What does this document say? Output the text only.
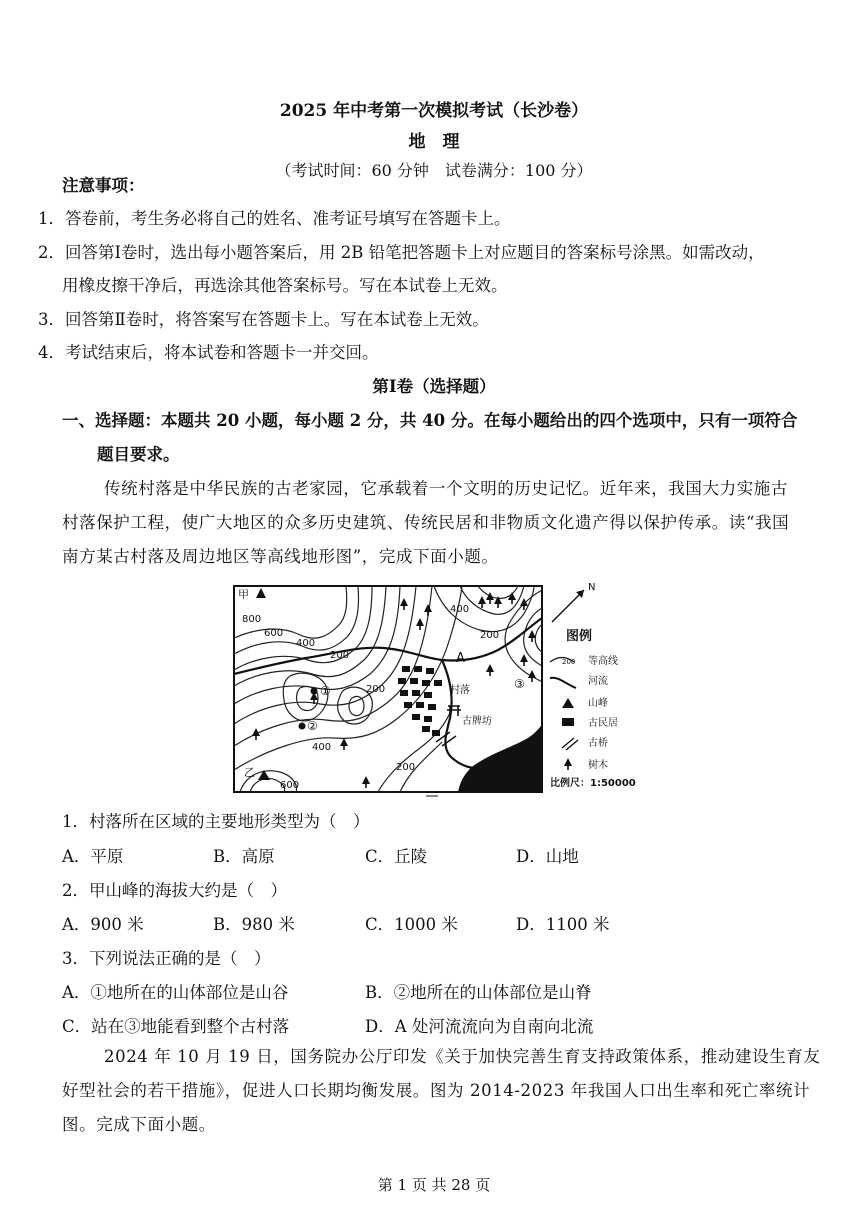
2025 年中考第一次模拟考试（长沙卷）
地　理
（考试时间：60 分钟　试卷满分：100 分）
注意事项：
1．答卷前，考生务必将自己的姓名、准考证号填写在答题卡上。
2．回答第Ⅰ卷时，选出每小题答案后，用 2B 铅笔把答题卡上对应题目的答案标号涂黑。如需改动，
用橡皮擦干净后，再选涂其他答案标号。写在本试卷上无效。
3．回答第Ⅱ卷时，将答案写在答题卡上。写在本试卷上无效。
4．考试结束后，将本试卷和答题卡一并交回。
第Ⅰ卷（选择题）
一、选择题：本题共 20 小题，每小题 2 分，共 40 分。在每小题给出的四个选项中，只有一项符合
题目要求。
传统村落是中华民族的古老家园，它承载着一个文明的历史记忆。近年来，我国大力实施古
村落保护工程，使广大地区的众多历史建筑、传统民居和非物质文化遗产得以保护传承。读“我国
南方某古村落及周边地区等高线地形图”，完成下面小题。
甲
乙
800
600
400
200
400
200
200
400
200
600
A
村落
古牌坊
①
②
③
N
图例
200 等高线
河流
山峰
古民居
古桥
树木
比例尺：1:50000
1．村落所在区域的主要地形类型为（　）
A．平原	B．高原	C．丘陵	D．山地
2．甲山峰的海拔大约是（　）
A．900 米	B．980 米	C．1000 米	D．1100 米
3．下列说法正确的是（　）
A．①地所在的山体部位是山谷	B．②地所在的山体部位是山脊
C．站在③地能看到整个古村落	D．A 处河流流向为自南向北流
2024 年 10 月 19 日，国务院办公厅印发《关于加快完善生育支持政策体系，推动建设生育友
好型社会的若干措施》，促进人口长期均衡发展。图为 2014-2023 年我国人口出生率和死亡率统计
图。完成下面小题。
第 1 页 共 28 页
